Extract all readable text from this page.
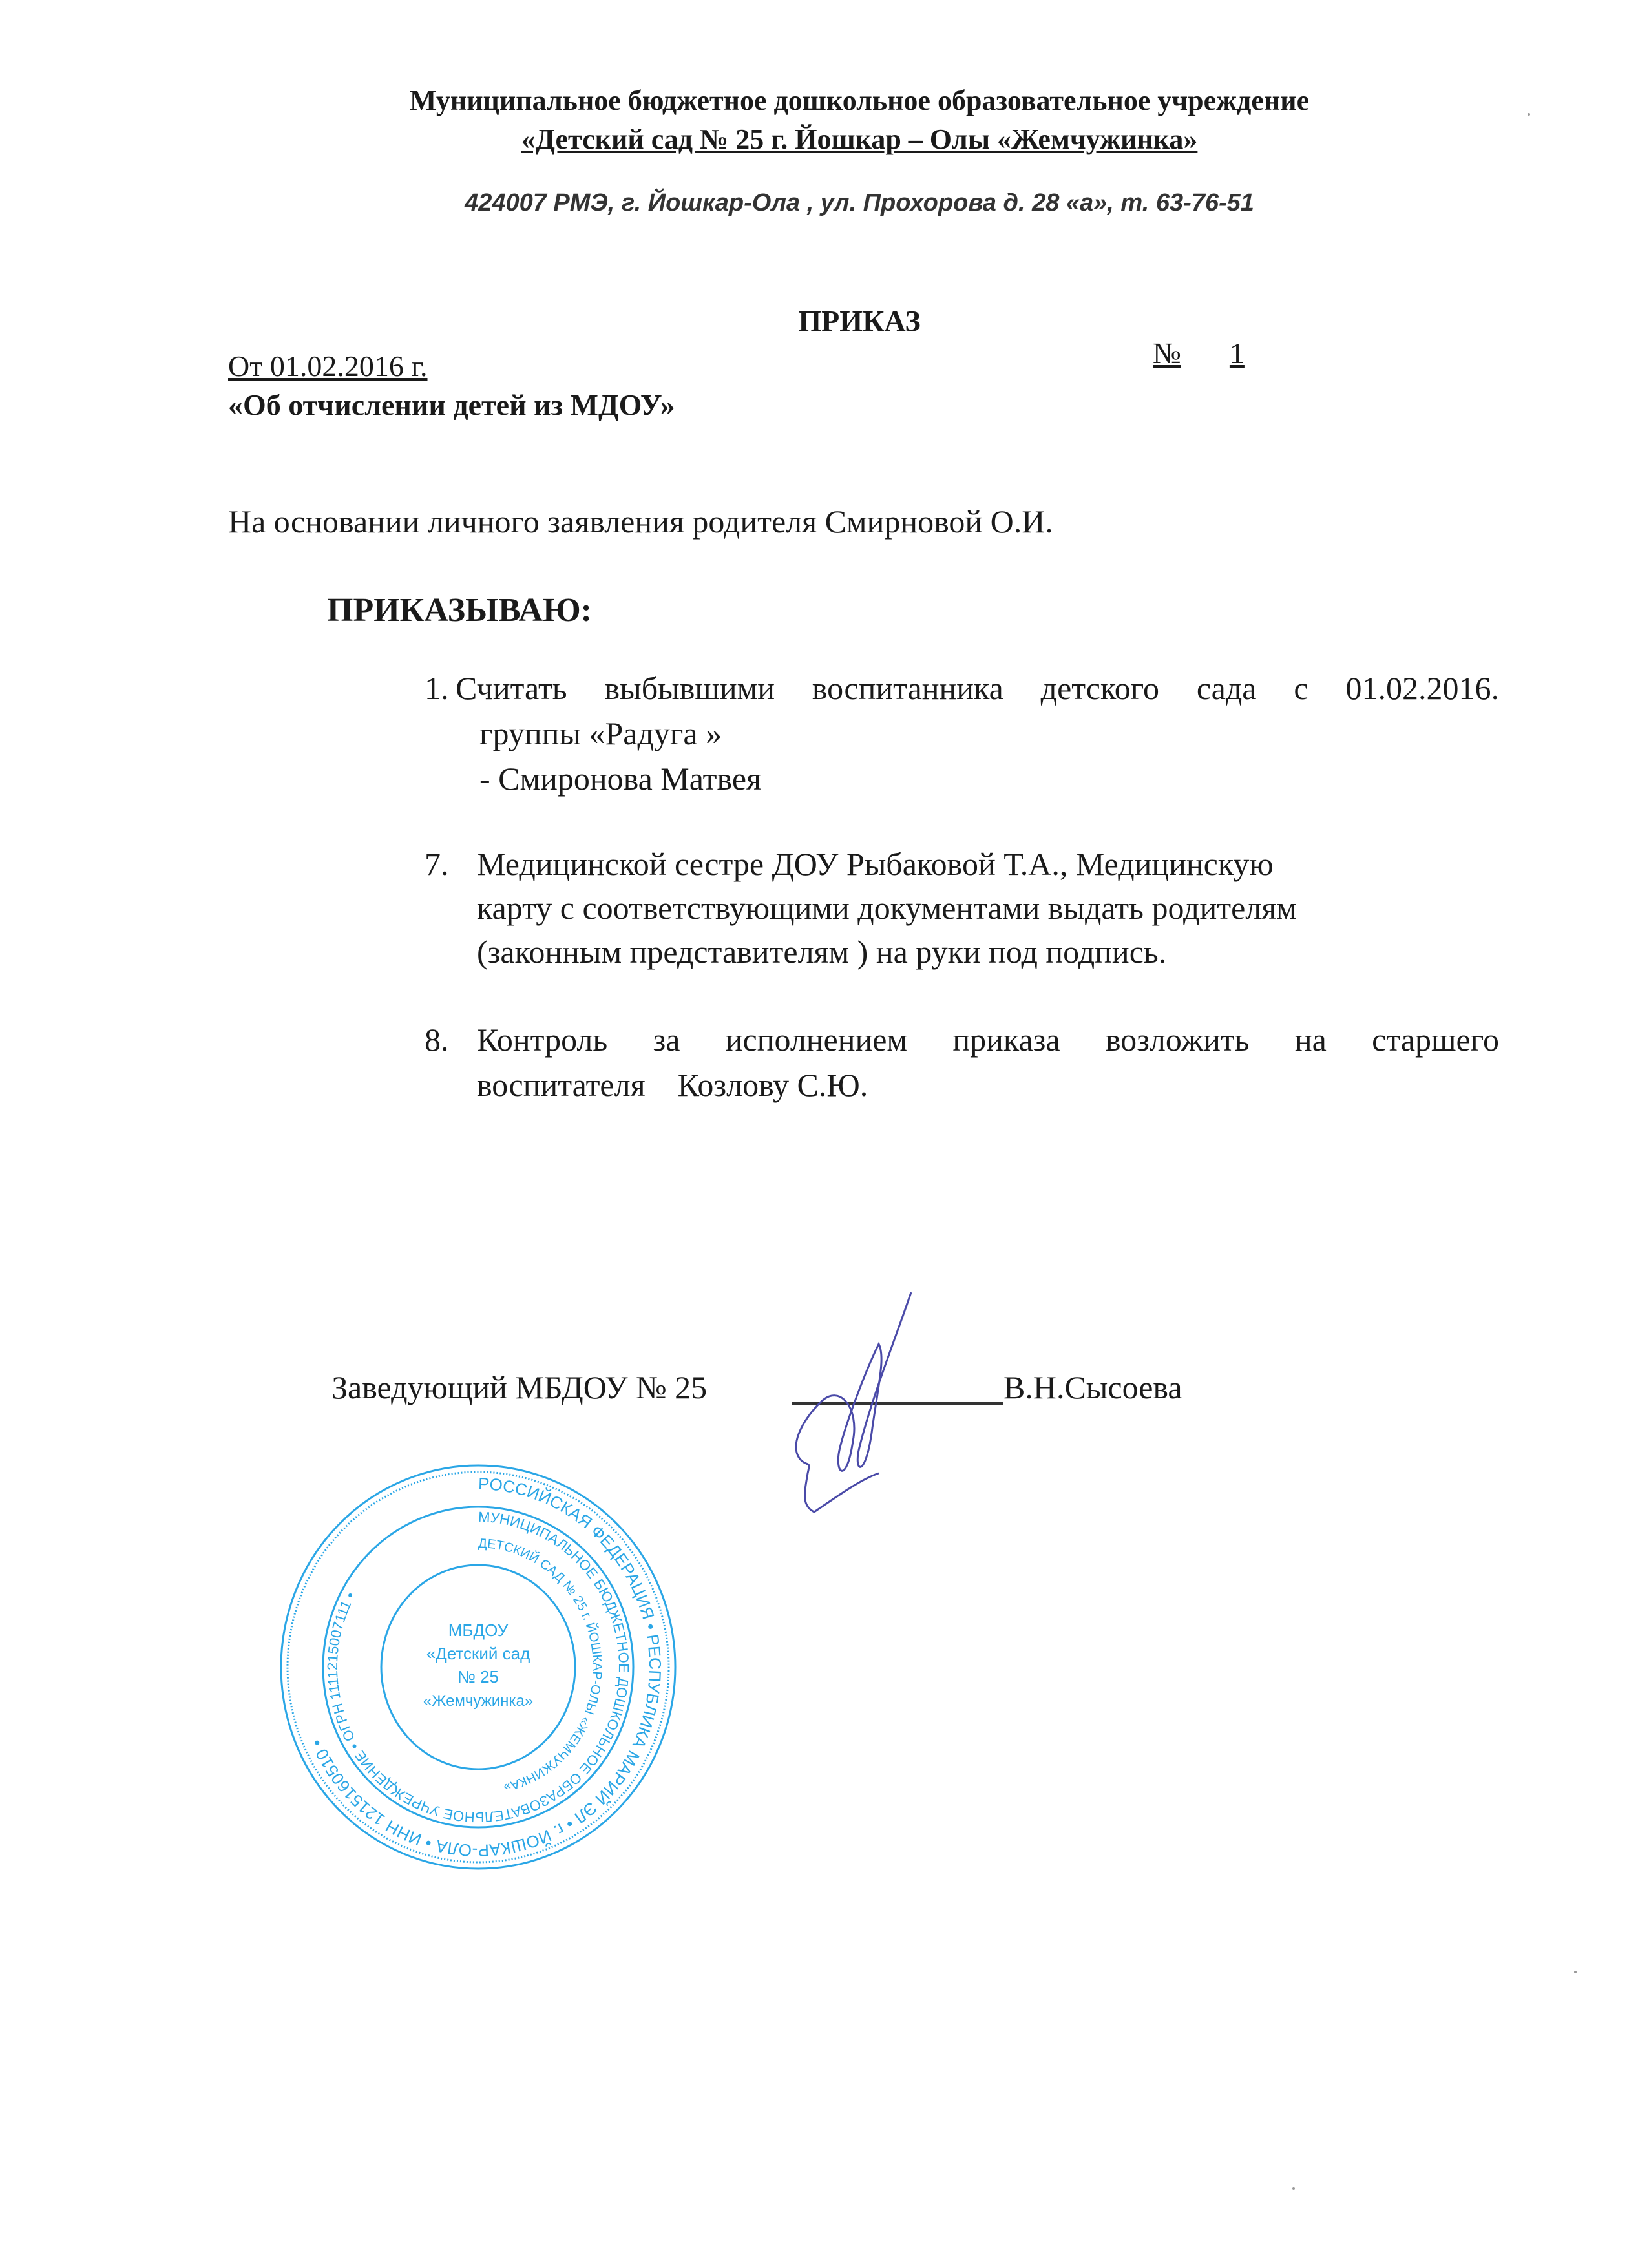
Муниципальное бюджетное дошкольное образовательное учреждение
«Детский сад № 25 г. Йошкар – Олы «Жемчужинка»
424007 РМЭ, г. Йошкар-Ола , ул. Прохорова д. 28 «а», т. 63-76-51
ПРИКАЗ
От 01.02.2016 г.	№ 1
«Об отчислении детей из МДОУ»
На основании личного заявления родителя Смирновой О.И.
ПРИКАЗЫВАЮ:
1. Считать выбывшими воспитанника детского сада с 01.02.2016.
группы «Радуга »
- Смиронова Матвея
7. Медицинской сестре ДОУ Рыбаковой Т.А., Медицинскую
карту с соответствующими документами выдать родителям
(законным представителям ) на руки под подпись.
8. Контроль за исполнением приказа возложить на старшего
воспитателя    Козлову С.Ю.
Заведующий МБДОУ № 25	В.Н.Сысоева
РОССИЙСКАЯ ФЕДЕРАЦИЯ • РЕСПУБЛИКА МАРИЙ ЭЛ • г. ЙОШКАР-ОЛА • ИНН 1215160510 •
МУНИЦИПАЛЬНОЕ БЮДЖЕТНОЕ ДОШКОЛЬНОЕ ОБРАЗОВАТЕЛЬНОЕ УЧРЕЖДЕНИЕ • ОГРН 1111215007111 •
ДЕТСКИЙ САД № 25 г. ЙОШКАР-ОЛЫ «ЖЕМЧУЖИНКА»
МБДОУ
«Детский сад
№ 25
«Жемчужинка»
